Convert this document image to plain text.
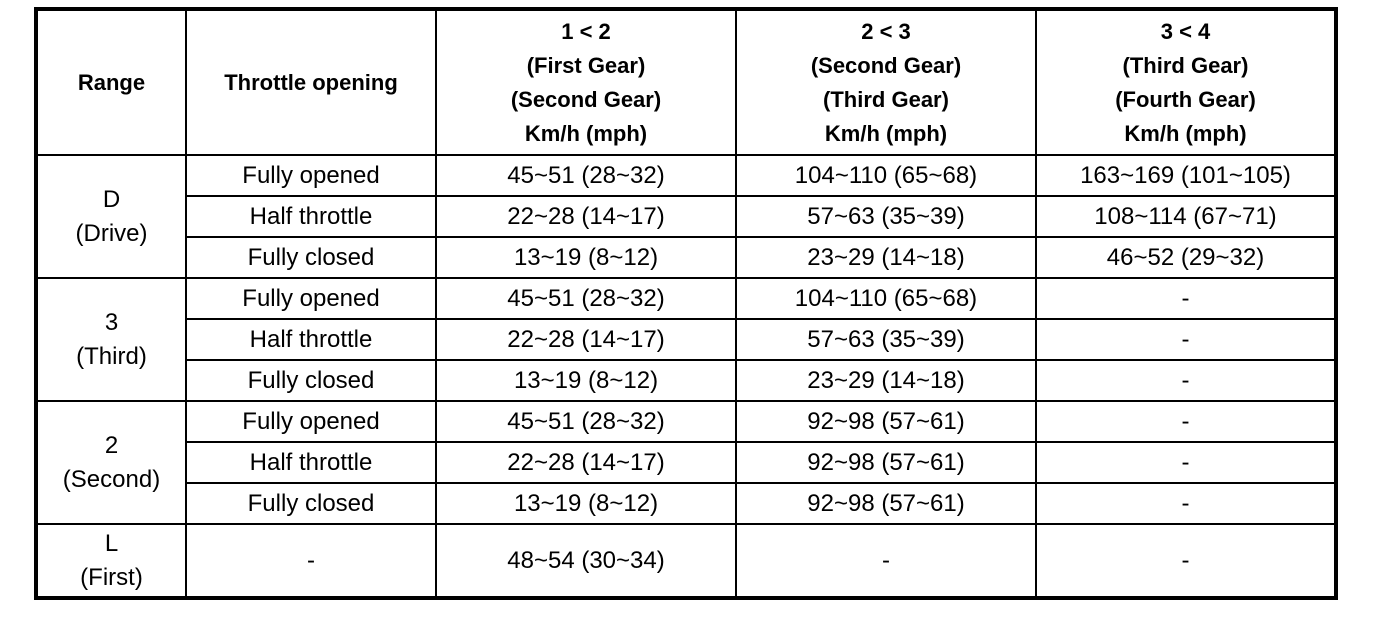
Range	Throttle opening	1 < 2
(First Gear)
(Second Gear)
Km/h (mph)	2 < 3
(Second Gear)
(Third Gear)
Km/h (mph)	3 < 4
(Third Gear)
(Fourth Gear)
Km/h (mph)

D
(Drive)	Fully opened	45~51 (28~32)	104~110 (65~68)	163~169 (101~105)
	Half throttle	22~28 (14~17)	57~63 (35~39)	108~114 (67~71)
	Fully closed	13~19 (8~12)	23~29 (14~18)	46~52 (29~32)

3
(Third)	Fully opened	45~51 (28~32)	104~110 (65~68)	-
	Half throttle	22~28 (14~17)	57~63 (35~39)	-
	Fully closed	13~19 (8~12)	23~29 (14~18)	-

2
(Second)	Fully opened	45~51 (28~32)	92~98 (57~61)	-
	Half throttle	22~28 (14~17)	92~98 (57~61)	-
	Fully closed	13~19 (8~12)	92~98 (57~61)	-

L
(First)	-	48~54 (30~34)	-	-
